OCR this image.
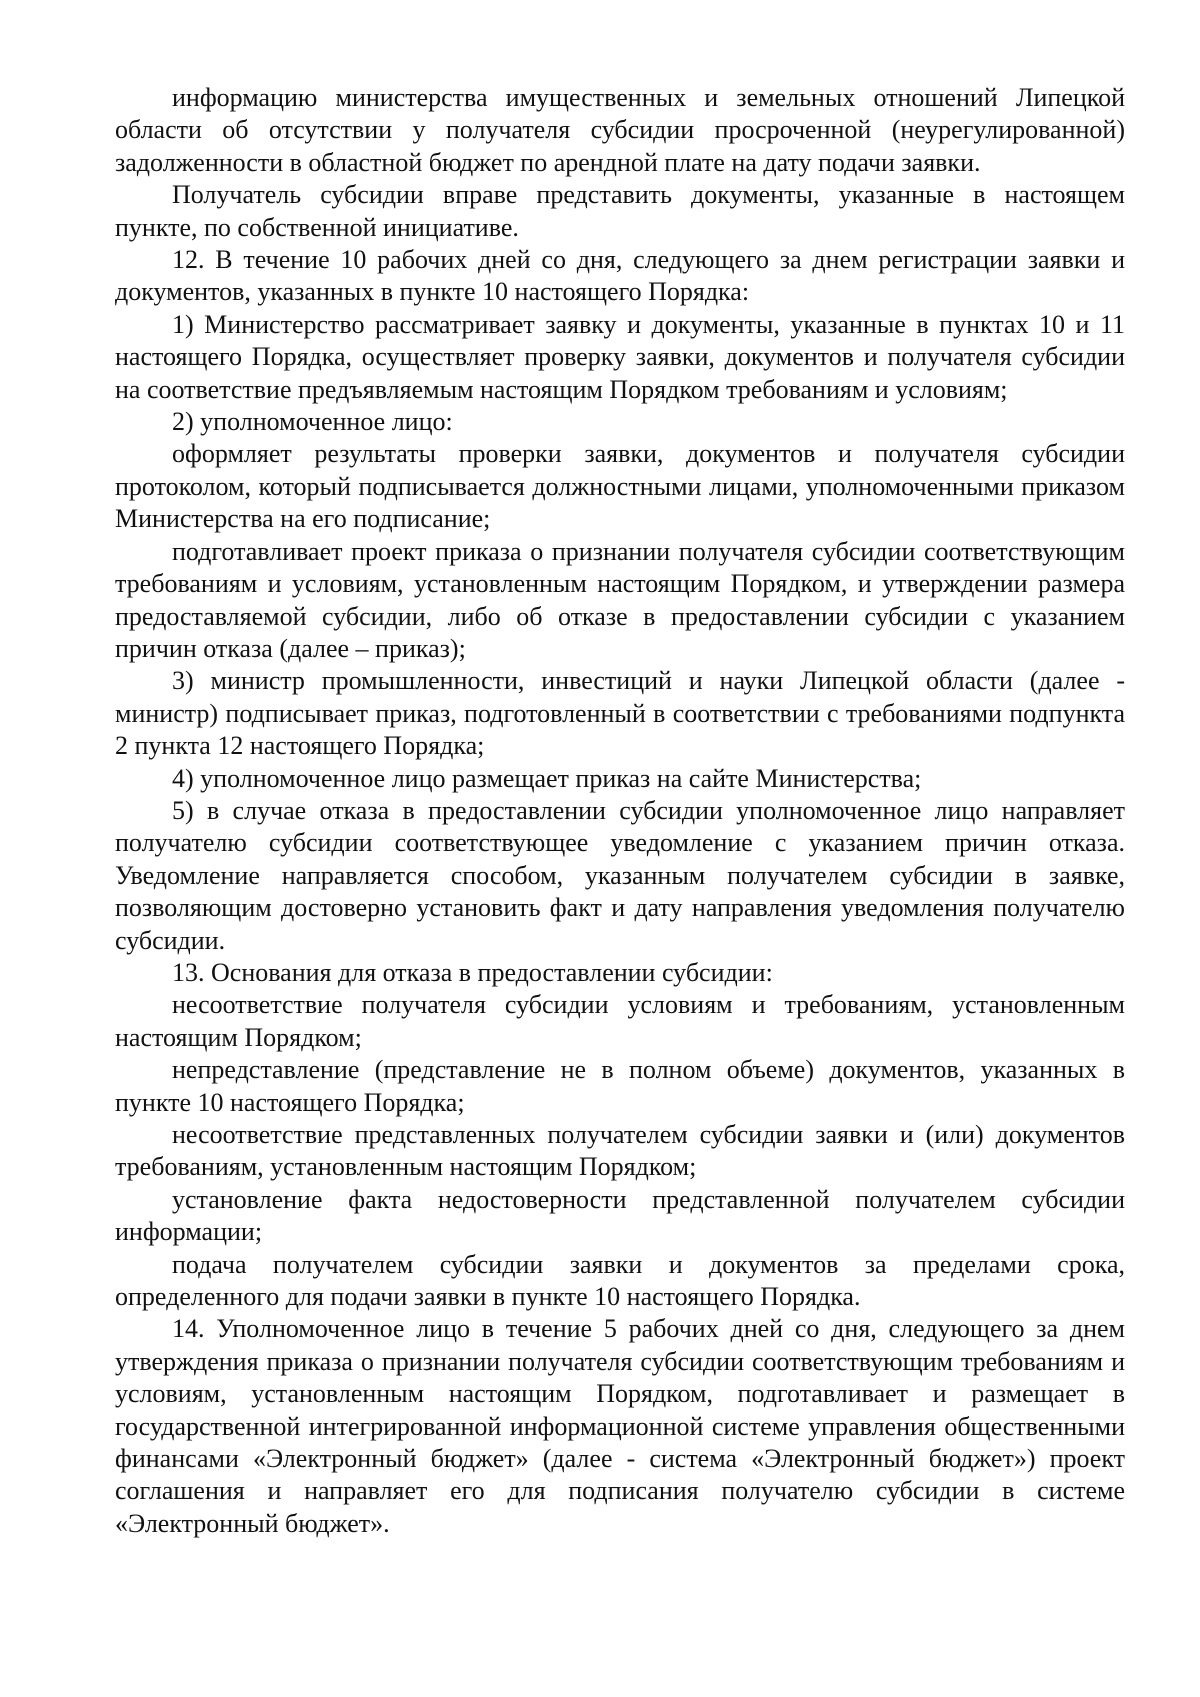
информацию министерства имущественных и земельных отношений Липецкой области об отсутствии у получателя субсидии просроченной (неурегулированной) задолженности в областной бюджет по арендной плате на дату подачи заявки.

Получатель субсидии вправе представить документы, указанные в настоящем пункте, по собственной инициативе.

12. В течение 10 рабочих дней со дня, следующего за днем регистрации заявки и документов, указанных в пункте 10 настоящего Порядка:

1) Министерство рассматривает заявку и документы, указанные в пунктах 10 и 11 настоящего Порядка, осуществляет проверку заявки, документов и получателя субсидии на соответствие предъявляемым настоящим Порядком требованиям и условиям;

2) уполномоченное лицо:

оформляет результаты проверки заявки, документов и получателя субсидии протоколом, который подписывается должностными лицами, уполномоченными приказом Министерства на его подписание;

подготавливает проект приказа о признании получателя субсидии соответствующим требованиям и условиям, установленным настоящим Порядком, и утверждении размера предоставляемой субсидии, либо об отказе в предоставлении субсидии с указанием причин отказа (далее – приказ);

3) министр промышленности, инвестиций и науки Липецкой области (далее - министр) подписывает приказ, подготовленный в соответствии с требованиями подпункта 2 пункта 12 настоящего Порядка;

4) уполномоченное лицо размещает приказ на сайте Министерства;

5) в случае отказа в предоставлении субсидии уполномоченное лицо направляет получателю субсидии соответствующее уведомление с указанием причин отказа. Уведомление направляется способом, указанным получателем субсидии в заявке, позволяющим достоверно установить факт и дату направления уведомления получателю субсидии.

13. Основания для отказа в предоставлении субсидии:

несоответствие получателя субсидии условиям и требованиям, установленным настоящим Порядком;

непредставление (представление не в полном объеме) документов, указанных в пункте 10 настоящего Порядка;

несоответствие представленных получателем субсидии заявки и (или) документов требованиям, установленным настоящим Порядком;

установление факта недостоверности представленной получателем субсидии информации;

подача получателем субсидии заявки и документов за пределами срока, определенного для подачи заявки в пункте 10 настоящего Порядка.

14. Уполномоченное лицо в течение 5 рабочих дней со дня, следующего за днем утверждения приказа о признании получателя субсидии соответствующим требованиям и условиям, установленным настоящим Порядком, подготавливает и размещает в государственной интегрированной информационной системе управления общественными финансами «Электронный бюджет» (далее - система «Электронный бюджет») проект соглашения и направляет его для подписания получателю субсидии в системе «Электронный бюджет».
